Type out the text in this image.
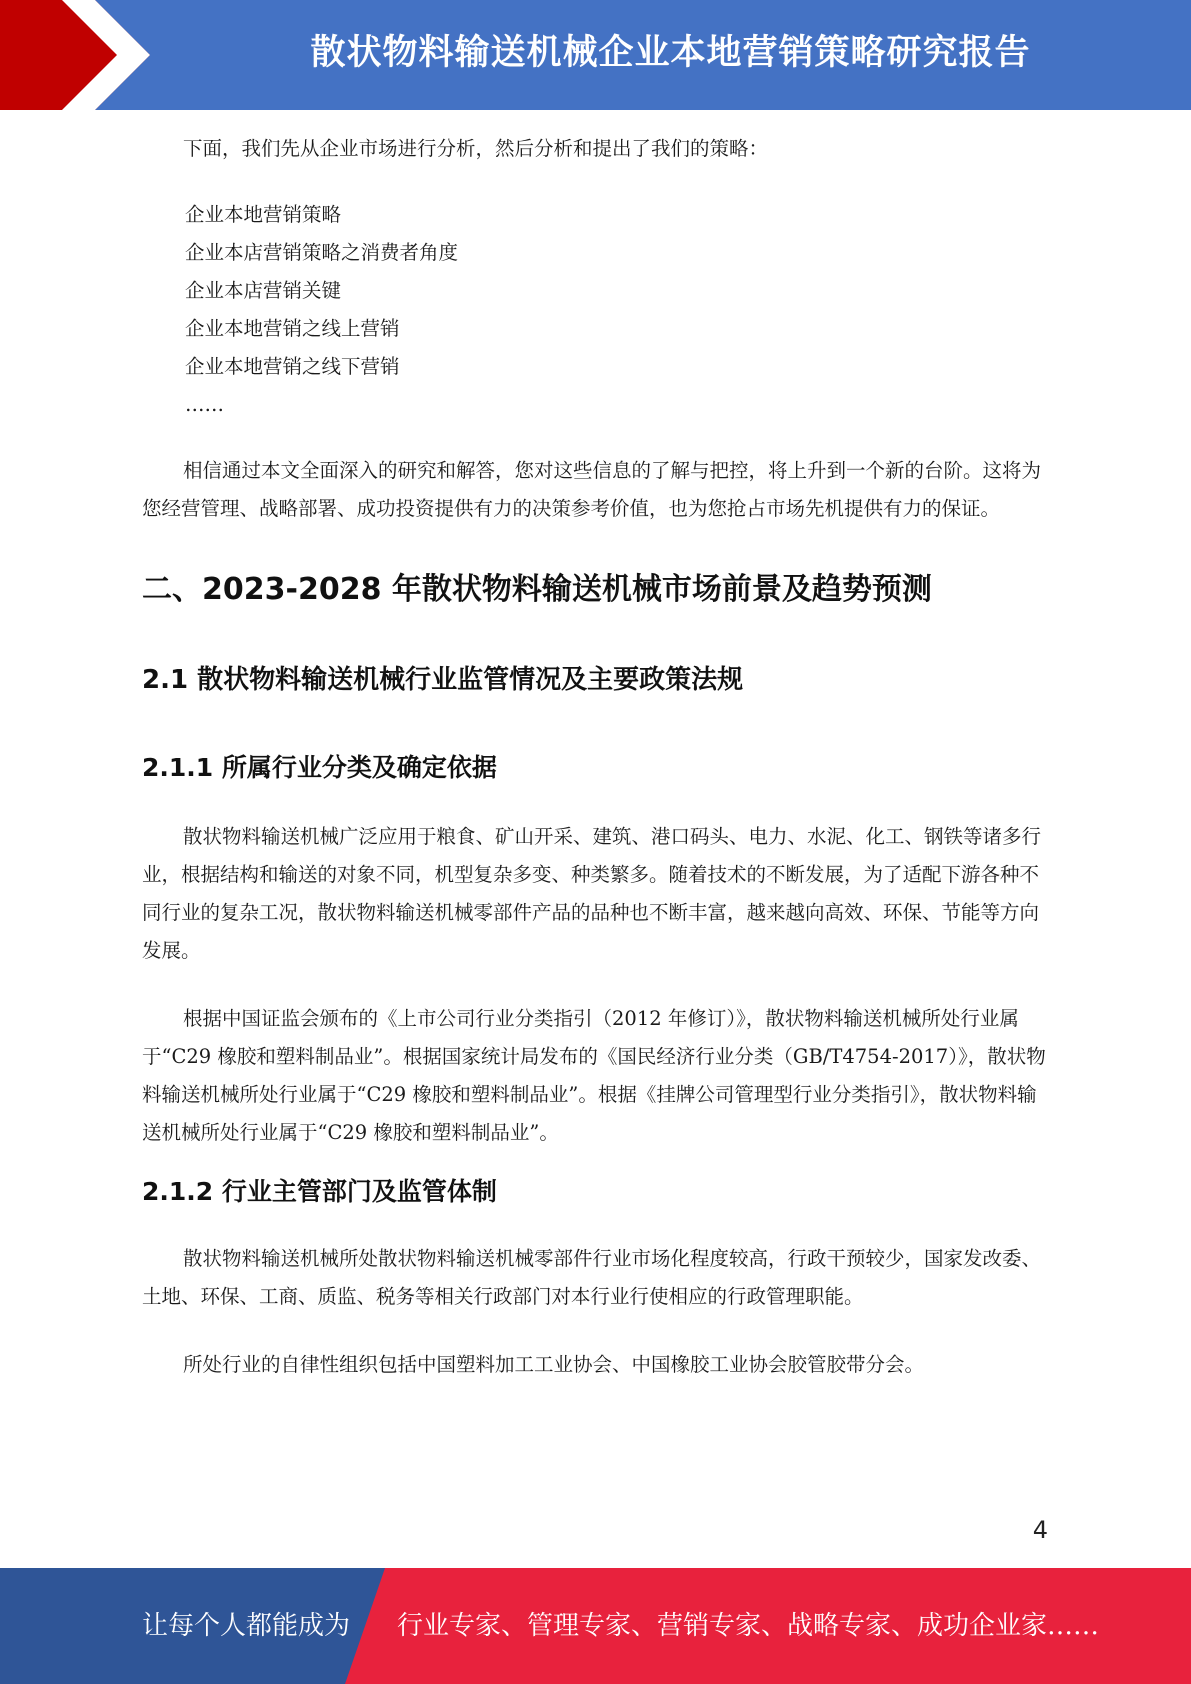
散状物料输送机械企业本地营销策略研究报告

下面，我们先从企业市场进行分析，然后分析和提出了我们的策略：

企业本地营销策略
企业本店营销策略之消费者角度
企业本店营销关键
企业本地营销之线上营销
企业本地营销之线下营销
……

相信通过本文全面深入的研究和解答，您对这些信息的了解与把控，将上升到一个新的台阶。这将为您经营管理、战略部署、成功投资提供有力的决策参考价值，也为您抢占市场先机提供有力的保证。

二、2023-2028 年散状物料输送机械市场前景及趋势预测
2.1 散状物料输送机械行业监管情况及主要政策法规
2.1.1 所属行业分类及确定依据

散状物料输送机械广泛应用于粮食、矿山开采、建筑、港口码头、电力、水泥、化工、钢铁等诸多行业，根据结构和输送的对象不同，机型复杂多变、种类繁多。随着技术的不断发展，为了适配下游各种不同行业的复杂工况，散状物料输送机械零部件产品的品种也不断丰富，越来越向高效、环保、节能等方向发展。

根据中国证监会颁布的《上市公司行业分类指引（2012 年修订）》，散状物料输送机械所处行业属于“C29 橡胶和塑料制品业”。根据国家统计局发布的《国民经济行业分类（GB/T4754-2017）》，散状物料输送机械所处行业属于“C29 橡胶和塑料制品业”。根据《挂牌公司管理型行业分类指引》，散状物料输送机械所处行业属于“C29 橡胶和塑料制品业”。

2.1.2 行业主管部门及监管体制

散状物料输送机械所处散状物料输送机械零部件行业市场化程度较高，行政干预较少，国家发改委、土地、环保、工商、质监、税务等相关行政部门对本行业行使相应的行政管理职能。

所处行业的自律性组织包括中国塑料加工工业协会、中国橡胶工业协会胶管胶带分会。

4
让每个人都能成为 行业专家、管理专家、营销专家、战略专家、成功企业家……
